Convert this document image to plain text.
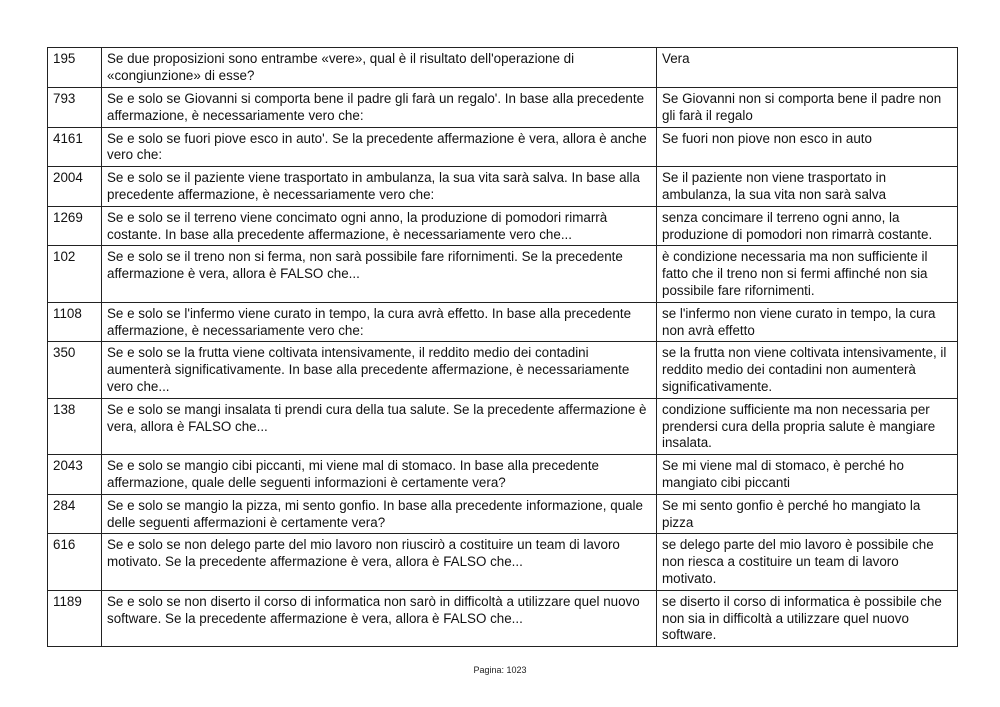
195	Se due proposizioni sono entrambe «vere», qual è il risultato dell'operazione di «congiunzione» di esse?	Vera
793	Se e solo se Giovanni si comporta bene il padre gli farà un regalo'. In base alla precedente affermazione, è necessariamente vero che:	Se Giovanni non si comporta bene il padre non gli farà il regalo
4161	Se e solo se fuori piove esco in auto'. Se la precedente affermazione è vera, allora è anche vero che:	Se fuori non piove non esco in auto
2004	Se e solo se il paziente viene trasportato in ambulanza, la sua vita sarà salva. In base alla precedente affermazione, è necessariamente vero che:	Se il paziente non viene trasportato in ambulanza, la sua vita non sarà salva
1269	Se e solo se il terreno viene concimato ogni anno, la produzione di pomodori rimarrà costante. In base alla precedente affermazione, è necessariamente vero che...	senza concimare il terreno ogni anno, la produzione di pomodori non rimarrà costante.
102	Se e solo se il treno non si ferma, non sarà possibile fare rifornimenti. Se la precedente affermazione è vera, allora è FALSO che...	è condizione necessaria ma non sufficiente il fatto che il treno non si fermi affinché non sia possibile fare rifornimenti.
1108	Se e solo se l'infermo viene curato in tempo, la cura avrà effetto. In base alla precedente affermazione, è necessariamente vero che:	se l'infermo non viene curato in tempo, la cura non avrà effetto
350	Se e solo se la frutta viene coltivata intensivamente, il reddito medio dei contadini aumenterà significativamente. In base alla precedente affermazione, è necessariamente vero che...	se la frutta non viene coltivata intensivamente, il reddito medio dei contadini non aumenterà significativamente.
138	Se e solo se mangi insalata ti prendi cura della tua salute. Se la precedente affermazione è vera, allora è FALSO che...	condizione sufficiente ma non necessaria per prendersi cura della propria salute è mangiare insalata.
2043	Se e solo se mangio cibi piccanti, mi viene mal di stomaco. In base alla precedente affermazione, quale delle seguenti informazioni è certamente vera?	Se mi viene mal di stomaco, è perché ho mangiato cibi piccanti
284	Se e solo se mangio la pizza, mi sento gonfio. In base alla precedente informazione, quale delle seguenti affermazioni è certamente vera?	Se mi sento gonfio è perché ho mangiato la pizza
616	Se e solo se non delego parte del mio lavoro non riuscirò a costituire un team di lavoro motivato. Se la precedente affermazione è vera, allora è FALSO che...	se delego parte del mio lavoro è possibile che non riesca a costituire un team di lavoro motivato.
1189	Se e solo se non diserto il corso di informatica non sarò in difficoltà a utilizzare quel nuovo software. Se la precedente affermazione è vera, allora è FALSO che...	se diserto il corso di informatica è possibile che non sia in difficoltà a utilizzare quel nuovo software.
Pagina: 1023
